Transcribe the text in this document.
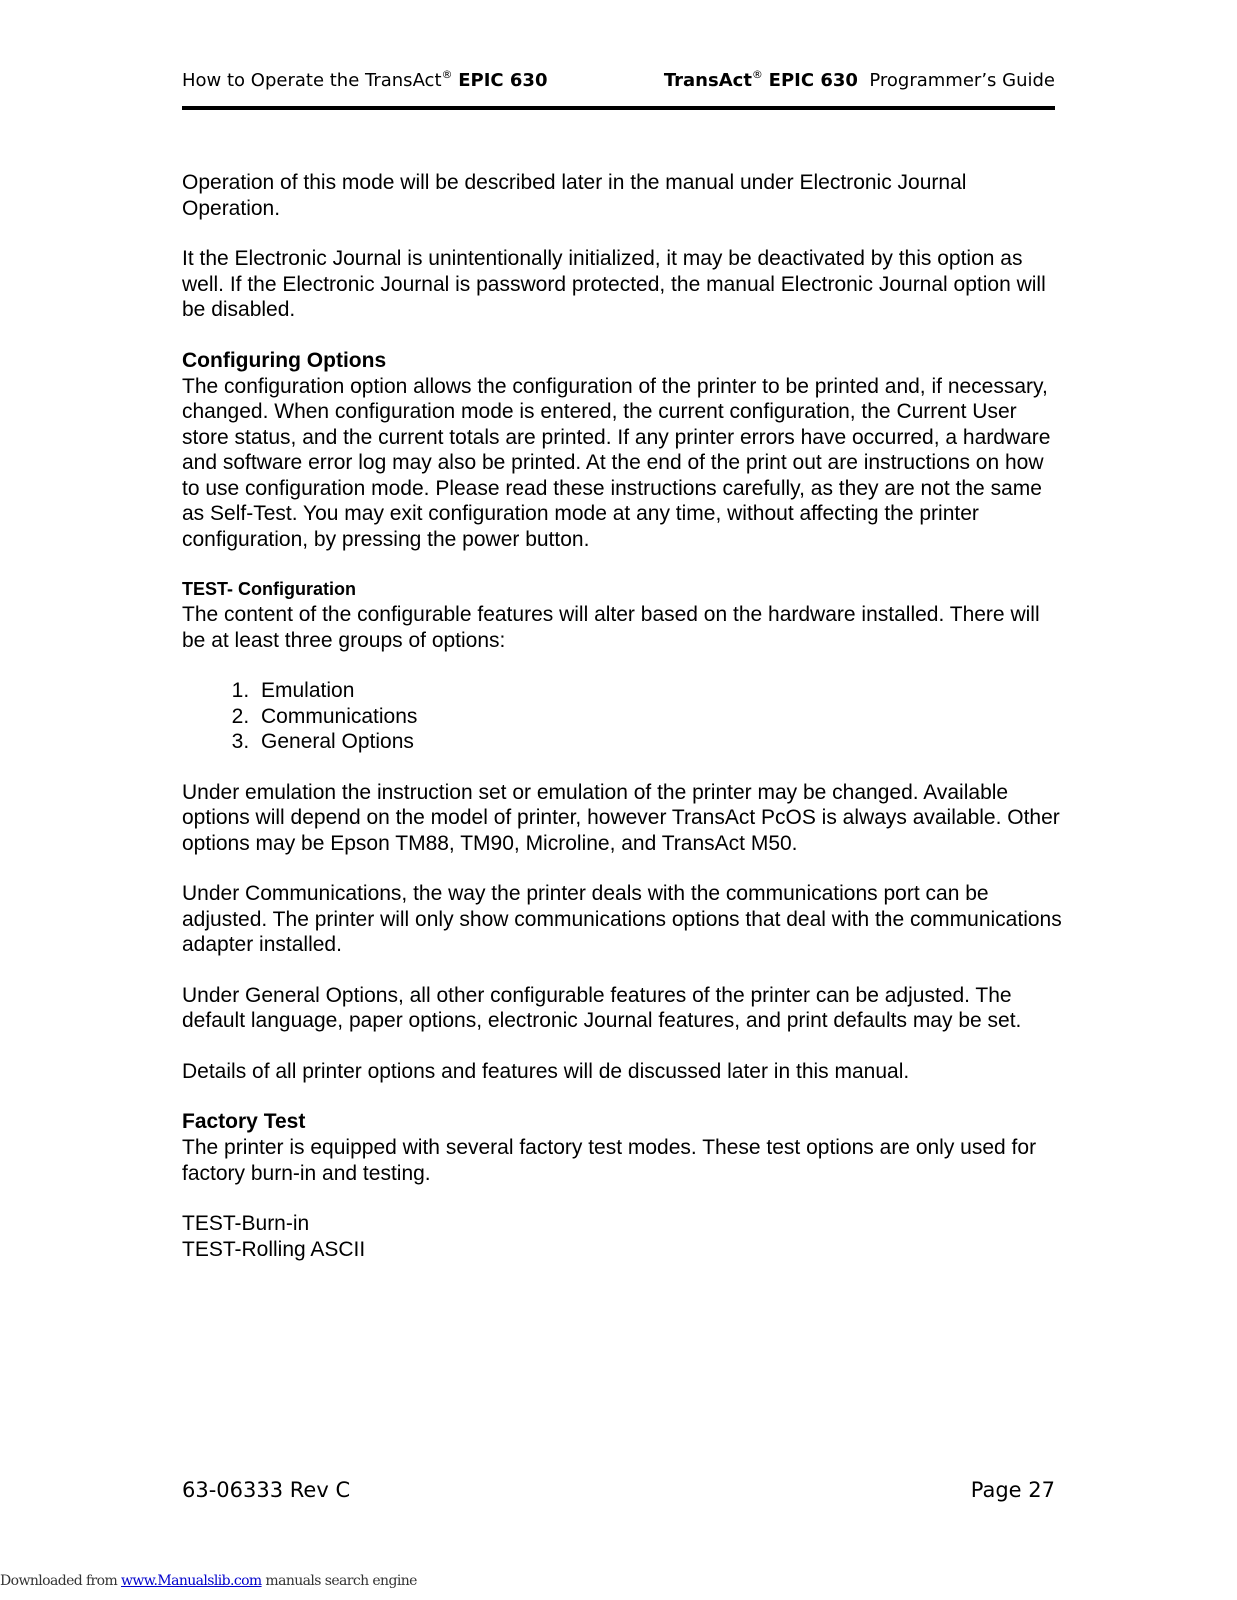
How to Operate the TransAct® EPIC 630	TransAct® EPIC 630 Programmer’s Guide

Operation of this mode will be described later in the manual under Electronic Journal Operation.

It the Electronic Journal is unintentionally initialized, it may be deactivated by this option as well. If the Electronic Journal is password protected, the manual Electronic Journal option will be disabled.

Configuring Options

The configuration option allows the configuration of the printer to be printed and, if necessary, changed. When configuration mode is entered, the current configuration, the Current User store status, and the current totals are printed. If any printer errors have occurred, a hardware and software error log may also be printed. At the end of the print out are instructions on how to use configuration mode. Please read these instructions carefully, as they are not the same as Self-Test. You may exit configuration mode at any time, without affecting the printer configuration, by pressing the power button.

TEST- Configuration

The content of the configurable features will alter based on the hardware installed. There will be at least three groups of options:

1. Emulation
2. Communications
3. General Options

Under emulation the instruction set or emulation of the printer may be changed. Available options will depend on the model of printer, however TransAct PcOS is always available. Other options may be Epson TM88, TM90, Microline, and TransAct M50.

Under Communications, the way the printer deals with the communications port can be adjusted. The printer will only show communications options that deal with the communications adapter installed.

Under General Options, all other configurable features of the printer can be adjusted. The default language, paper options, electronic Journal features, and print defaults may be set.

Details of all printer options and features will de discussed later in this manual.

Factory Test

The printer is equipped with several factory test modes. These test options are only used for factory burn-in and testing.

TEST-Burn-in
TEST-Rolling ASCII
63-06333 Rev C	Page 27
Downloaded from www.Manualslib.com manuals search engine
